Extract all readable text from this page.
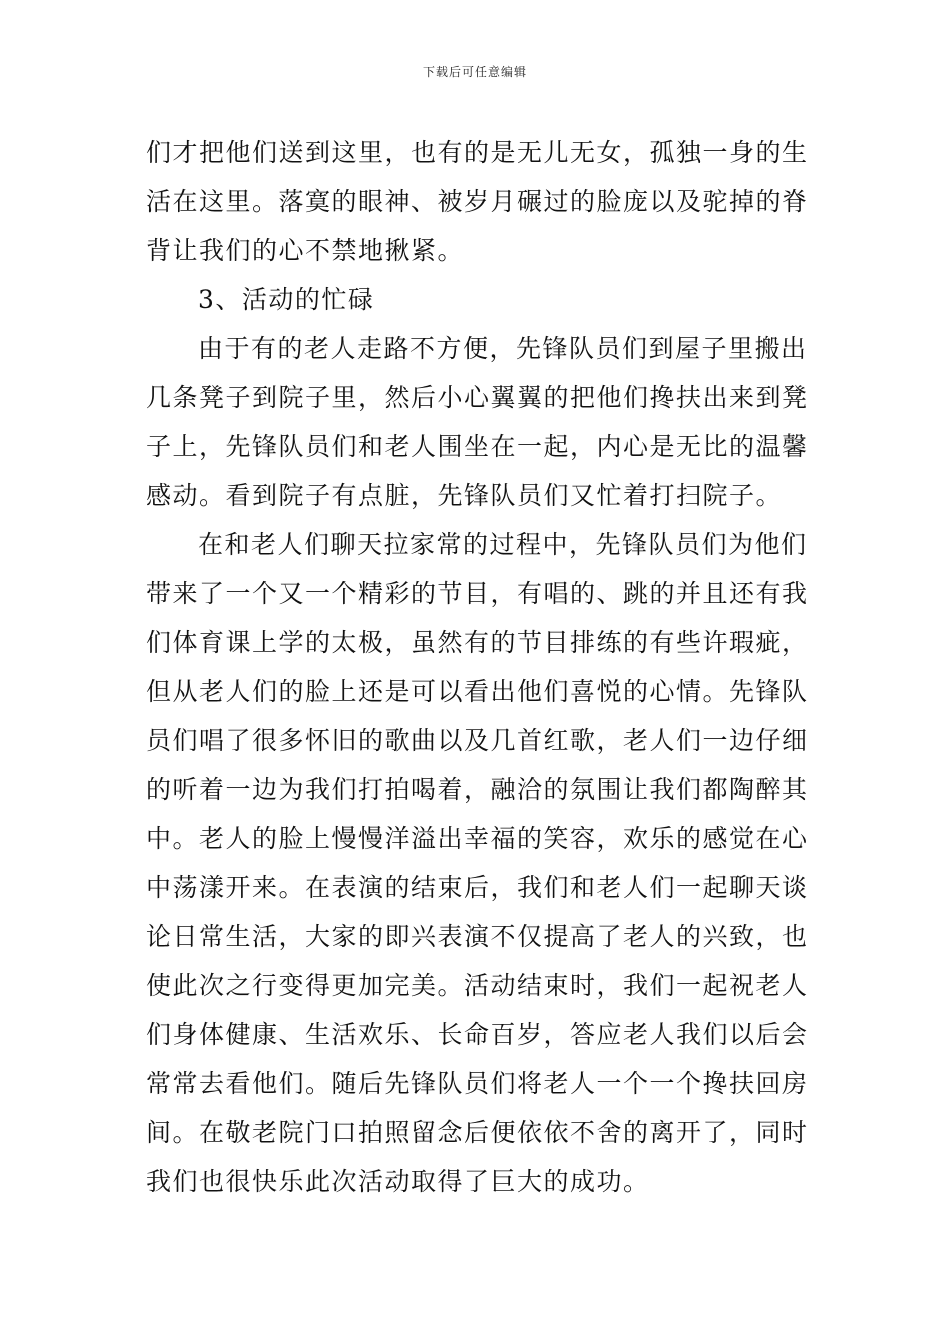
下载后可任意编辑
们才把他们送到这里，也有的是无儿无女，孤独一身的生
活在这里。落寞的眼神、被岁月碾过的脸庞以及驼掉的脊
背让我们的心不禁地揪紧。
3、活动的忙碌
由于有的老人走路不方便，先锋队员们到屋子里搬出
几条凳子到院子里，然后小心翼翼的把他们搀扶出来到凳
子上，先锋队员们和老人围坐在一起，内心是无比的温馨
感动。看到院子有点脏，先锋队员们又忙着打扫院子。
在和老人们聊天拉家常的过程中，先锋队员们为他们
带来了一个又一个精彩的节目，有唱的、跳的并且还有我
们体育课上学的太极，虽然有的节目排练的有些许瑕疵，
但从老人们的脸上还是可以看出他们喜悦的心情。先锋队
员们唱了很多怀旧的歌曲以及几首红歌，老人们一边仔细
的听着一边为我们打拍喝着，融洽的氛围让我们都陶醉其
中。老人的脸上慢慢洋溢出幸福的笑容，欢乐的感觉在心
中荡漾开来。在表演的结束后，我们和老人们一起聊天谈
论日常生活，大家的即兴表演不仅提高了老人的兴致，也
使此次之行变得更加完美。活动结束时，我们一起祝老人
们身体健康、生活欢乐、长命百岁，答应老人我们以后会
常常去看他们。随后先锋队员们将老人一个一个搀扶回房
间。在敬老院门口拍照留念后便依依不舍的离开了，同时
我们也很快乐此次活动取得了巨大的成功。
